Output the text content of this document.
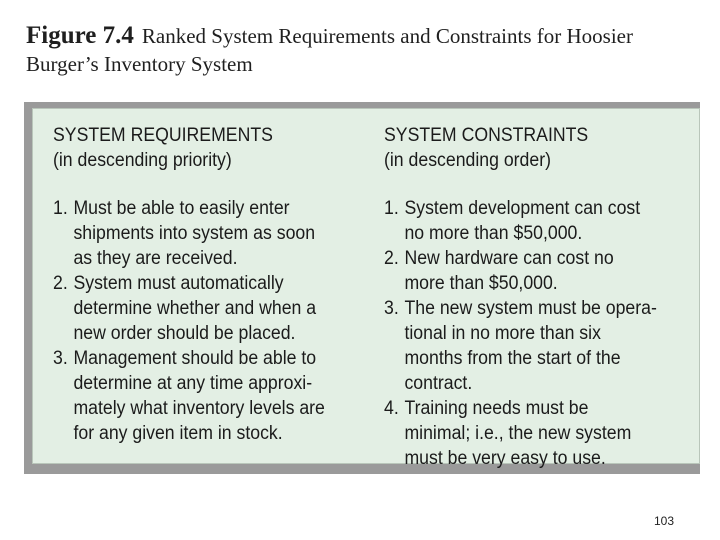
Figure 7.4 Ranked System Requirements and Constraints for Hoosier
Burger’s Inventory System
SYSTEM REQUIREMENTS
(in descending priority)
1. Must be able to easily enter shipments into system as soon as they are received.
2. System must automatically determine whether and when a new order should be placed.
3. Management should be able to determine at any time approxi-mately what inventory levels are for any given item in stock.
SYSTEM CONSTRAINTS
(in descending order)
1. System development can cost no more than $50,000.
2. New hardware can cost no more than $50,000.
3. The new system must be opera-tional in no more than six months from the start of the contract.
4. Training needs must be minimal; i.e., the new system must be very easy to use.
103
